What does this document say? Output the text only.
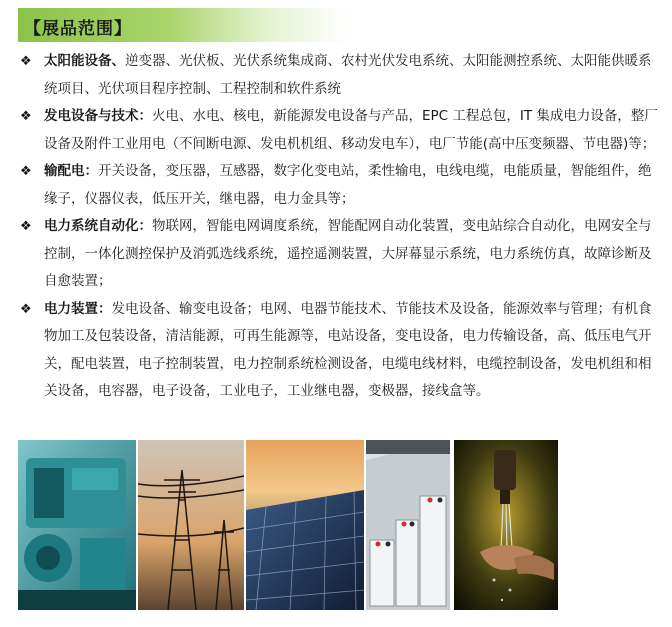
【展品范围】
❖ 太阳能设备、逆变器、光伏板、光伏系统集成商、农村光伏发电系统、太阳能测控系统、太阳能供暖系统项目、光伏项目程序控制、工程控制和软件系统
❖ 发电设备与技术：火电、水电、核电，新能源发电设备与产品，EPC 工程总包，IT 集成电力设备，整厂设备及附件工业用电（不间断电源、发电机机组、移动发电车），电厂节能(高中压变频器、节电器)等；
❖ 输配电：开关设备，变压器，互感器，数字化变电站，柔性输电，电线电缆，电能质量，智能组件，绝缘子，仪器仪表，低压开关，继电器，电力金具等；
❖ 电力系统自动化：物联网，智能电网调度系统，智能配网自动化装置，变电站综合自动化，电网安全与控制，一体化测控保护及消弧选线系统，遥控遥测装置，大屏幕显示系统，电力系统仿真，故障诊断及自愈装置；
❖ 电力装置：发电设备、输变电设备；电网、电器节能技术、节能技术及设备，能源效率与管理；有机食物加工及包装设备，清洁能源，可再生能源等，电站设备，变电设备，电力传输设备，高、低压电气开关，配电装置，电子控制装置，电力控制系统检测设备，电缆电线材料，电缆控制设备，发电机组和相关设备，电容器，电子设备，工业电子，工业继电器，变极器，接线盒等。
